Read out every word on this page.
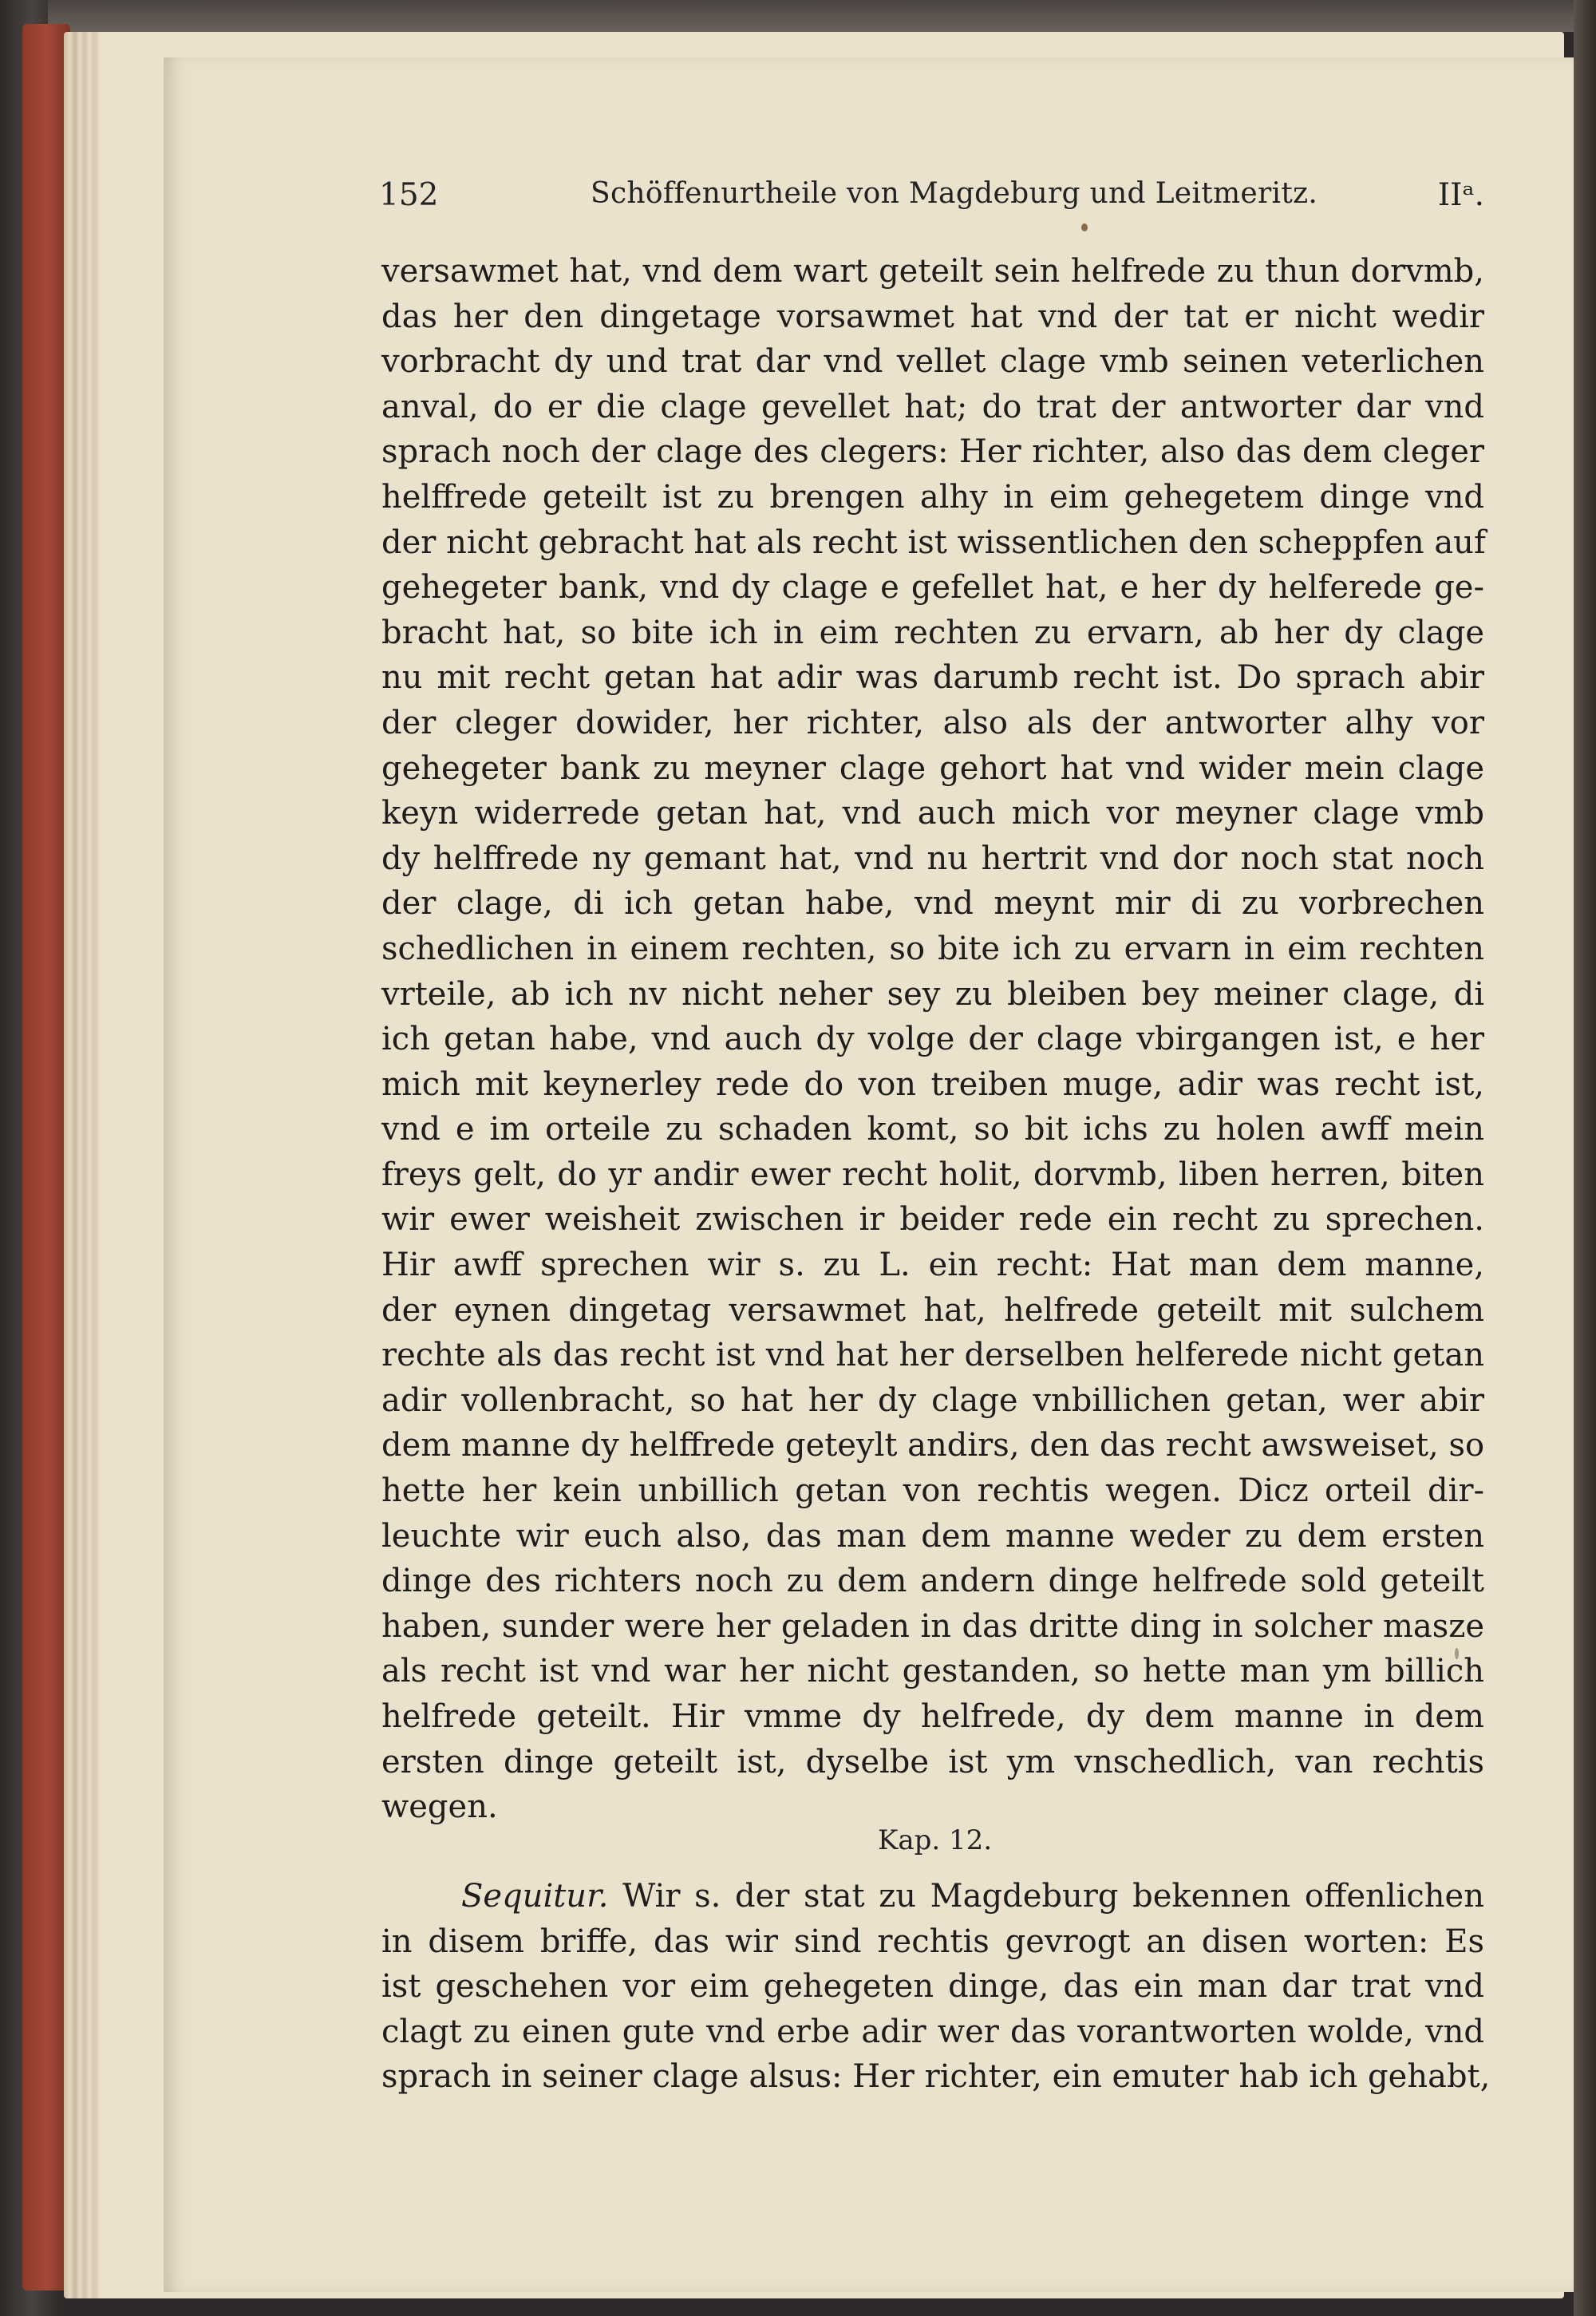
152	Schöffenurtheile von Magdeburg und Leitmeritz.	IIᵃ.
versawmet hat, vnd dem wart geteilt sein helfrede zu thun dorvmb,
das her den dingetage vorsawmet hat vnd der tat er nicht wedir
vorbracht dy und trat dar vnd vellet clage vmb seinen veterlichen
anval, do er die clage gevellet hat; do trat der antworter dar vnd
sprach noch der clage des clegers: Her richter, also das dem cleger
helffrede geteilt ist zu brengen alhy in eim gehegetem dinge vnd
der nicht gebracht hat als recht ist wissentlichen den scheppfen auf
gehegeter bank, vnd dy clage e gefellet hat, e her dy helferede ge-
bracht hat, so bite ich in eim rechten zu ervarn, ab her dy clage
nu mit recht getan hat adir was darumb recht ist. Do sprach abir
der cleger dowider, her richter, also als der antworter alhy vor
gehegeter bank zu meyner clage gehort hat vnd wider mein clage
keyn widerrede getan hat, vnd auch mich vor meyner clage vmb
dy helffrede ny gemant hat, vnd nu hertrit vnd dor noch stat noch
der clage, di ich getan habe, vnd meynt mir di zu vorbrechen
schedlichen in einem rechten, so bite ich zu ervarn in eim rechten
vrteile, ab ich nv nicht neher sey zu bleiben bey meiner clage, di
ich getan habe, vnd auch dy volge der clage vbirgangen ist, e her
mich mit keynerley rede do von treiben muge, adir was recht ist,
vnd e im orteile zu schaden komt, so bit ichs zu holen awff mein
freys gelt, do yr andir ewer recht holit, dorvmb, liben herren, biten
wir ewer weisheit zwischen ir beider rede ein recht zu sprechen.
Hir awff sprechen wir s. zu L. ein recht: Hat man dem manne,
der eynen dingetag versawmet hat, helfrede geteilt mit sulchem
rechte als das recht ist vnd hat her derselben helferede nicht getan
adir vollenbracht, so hat her dy clage vnbillichen getan, wer abir
dem manne dy helffrede geteylt andirs, den das recht awsweiset, so
hette her kein unbillich getan von rechtis wegen. Dicz orteil dir-
leuchte wir euch also, das man dem manne weder zu dem ersten
dinge des richters noch zu dem andern dinge helfrede sold geteilt
haben, sunder were her geladen in das dritte ding in solcher masze
als recht ist vnd war her nicht gestanden, so hette man ym billich
helfrede geteilt. Hir vmme dy helfrede, dy dem manne in dem
ersten dinge geteilt ist, dyselbe ist ym vnschedlich, van rechtis
wegen.
Kap. 12.
Sequitur. Wir s. der stat zu Magdeburg bekennen offenlichen
in disem briffe, das wir sind rechtis gevrogt an disen worten: Es
ist geschehen vor eim gehegeten dinge, das ein man dar trat vnd
clagt zu einen gute vnd erbe adir wer das vorantworten wolde, vnd
sprach in seiner clage alsus: Her richter, ein emuter hab ich gehabt,
